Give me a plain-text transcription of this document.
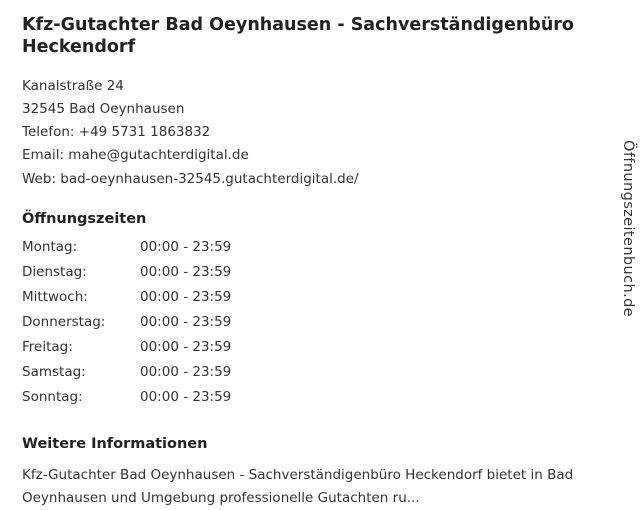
Kfz-Gutachter Bad Oeynhausen - Sachverständigenbüro Heckendorf
Kanalstraße 24
32545 Bad Oeynhausen
Telefon: +49 5731 1863832
Email: mahe@gutachterdigital.de
Web: bad-oeynhausen-32545.gutachterdigital.de/
Öffnungszeiten
Montag:	00:00 - 23:59
Dienstag:	00:00 - 23:59
Mittwoch:	00:00 - 23:59
Donnerstag:	00:00 - 23:59
Freitag:	00:00 - 23:59
Samstag:	00:00 - 23:59
Sonntag:	00:00 - 23:59
Weitere Informationen
Kfz-Gutachter Bad Oeynhausen - Sachverständigenbüro Heckendorf bietet in Bad Oeynhausen und Umgebung professionelle Gutachten ru...
Öffnungszeitenbuch.de
